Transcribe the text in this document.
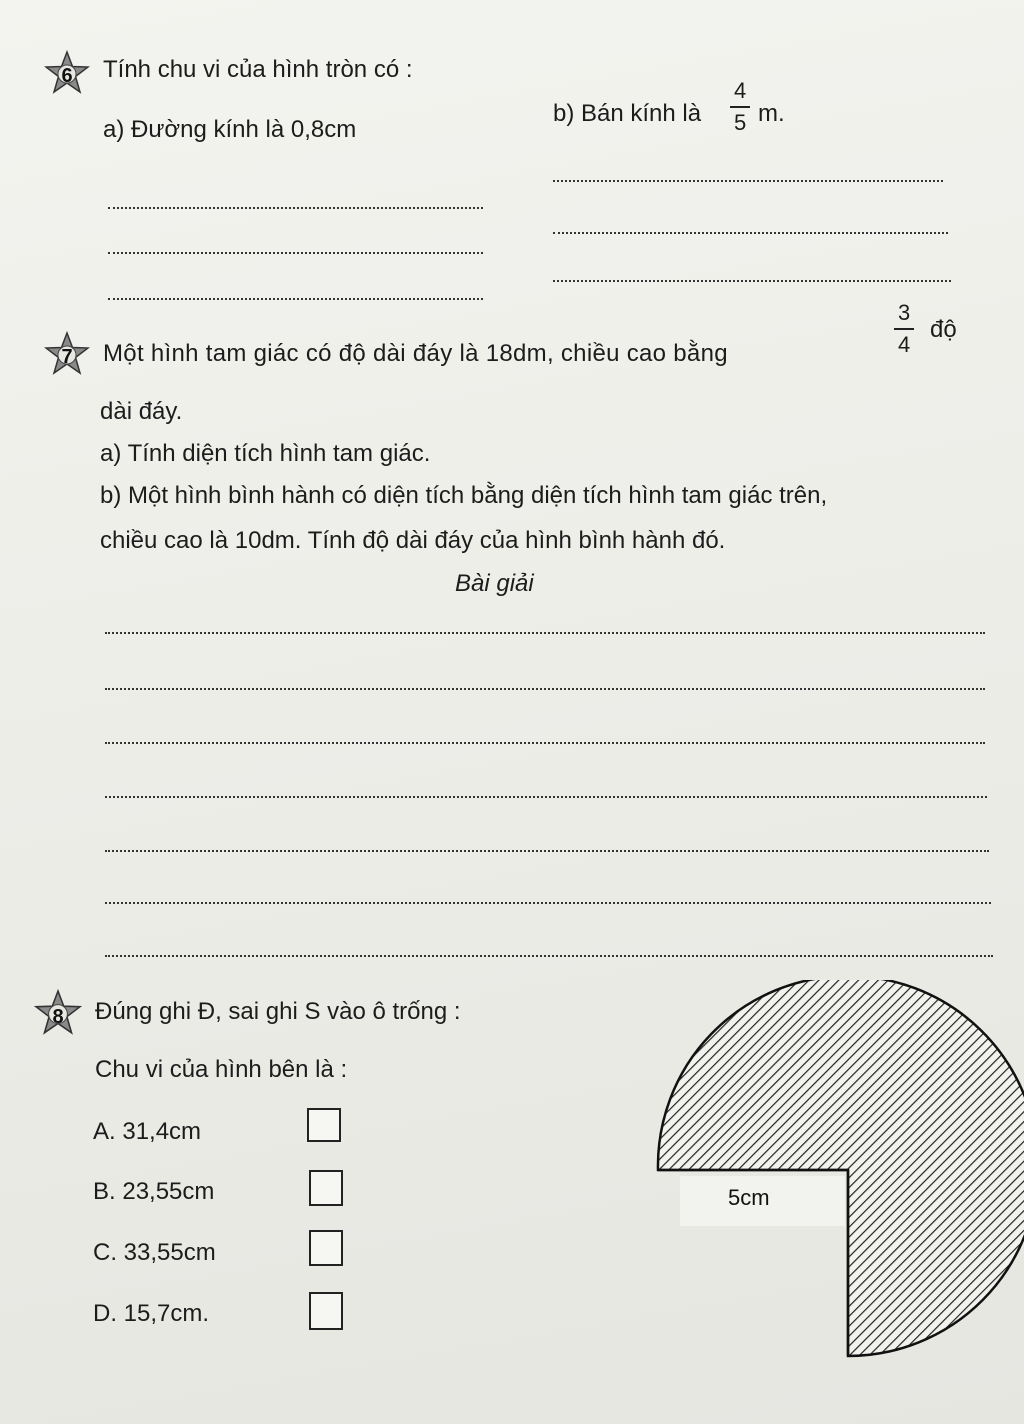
6	Tính chu vi của hình tròn có :
a) Đường kính là 0,8cm
b) Bán kính là
4
5 m.
7	Một hình tam giác có độ dài đáy là 18dm, chiều cao bằng
3
4
độ
dài đáy.
a) Tính diện tích hình tam giác.
b) Một hình bình hành có diện tích bằng diện tích hình tam giác trên,
chiều cao là 10dm. Tính độ dài đáy của hình bình hành đó.
Bài giải
8	Đúng ghi Đ, sai ghi S vào ô trống :
Chu vi của hình bên là :
A. 31,4cm
B. 23,55cm
C. 33,55cm
D. 15,7cm.
5cm
